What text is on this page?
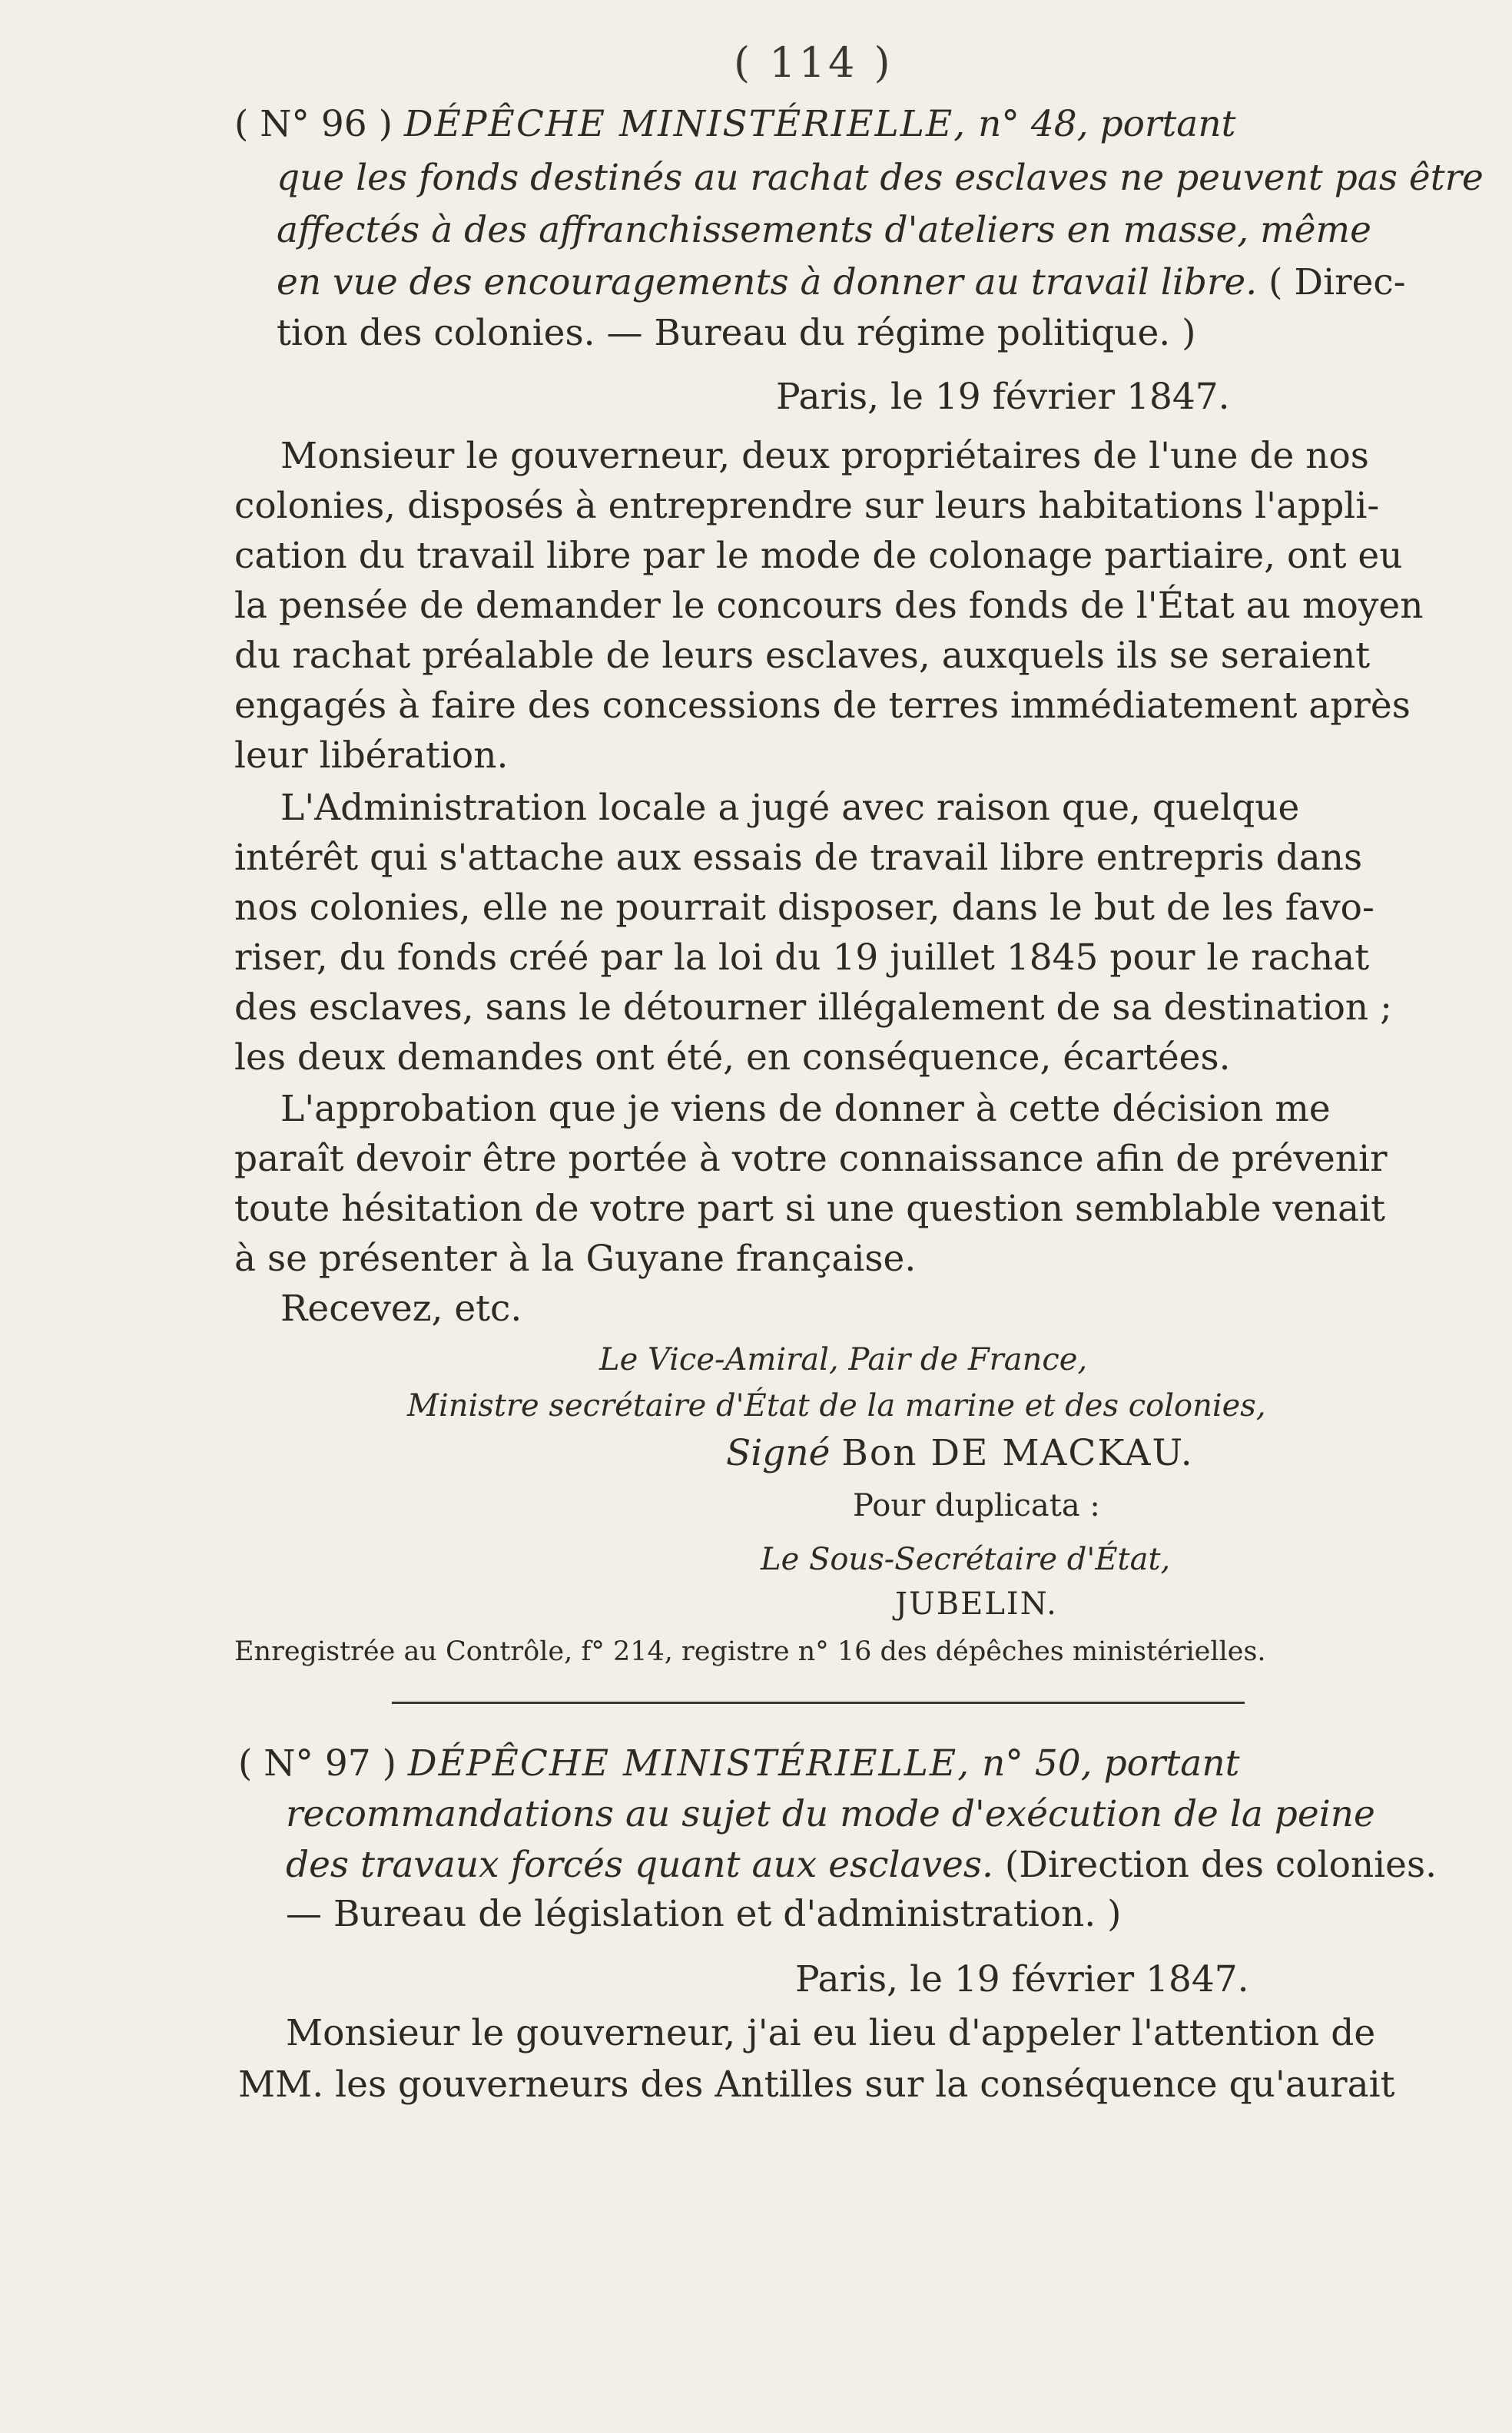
( 114 )
( N° 96 ) DÉPÊCHE MINISTÉRIELLE, n° 48, portant
que les fonds destinés au rachat des esclaves ne peuvent pas être
affectés à des affranchissements d'ateliers en masse, même
en vue des encouragements à donner au travail libre. ( Direc-
tion des colonies. — Bureau du régime politique. )
Paris, le 19 février 1847.
Monsieur le gouverneur, deux propriétaires de l'une de nos
colonies, disposés à entreprendre sur leurs habitations l'appli-
cation du travail libre par le mode de colonage partiaire, ont eu
la pensée de demander le concours des fonds de l'État au moyen
du rachat préalable de leurs esclaves, auxquels ils se seraient
engagés à faire des concessions de terres immédiatement après
leur libération.
L'Administration locale a jugé avec raison que, quelque
intérêt qui s'attache aux essais de travail libre entrepris dans
nos colonies, elle ne pourrait disposer, dans le but de les favo-
riser, du fonds créé par la loi du 19 juillet 1845 pour le rachat
des esclaves, sans le détourner illégalement de sa destination ;
les deux demandes ont été, en conséquence, écartées.
L'approbation que je viens de donner à cette décision me
paraît devoir être portée à votre connaissance afin de prévenir
toute hésitation de votre part si une question semblable venait
à se présenter à la Guyane française.
Recevez, etc.
Le Vice-Amiral, Pair de France,
Ministre secrétaire d'État de la marine et des colonies,
Signé Bon DE MACKAU.
Pour duplicata :
Le Sous-Secrétaire d'État,
JUBELIN.
Enregistrée au Contrôle, f° 214, registre n° 16 des dépêches ministérielles.
( N° 97 ) DÉPÊCHE MINISTÉRIELLE, n° 50, portant
recommandations au sujet du mode d'exécution de la peine
des travaux forcés quant aux esclaves. (Direction des colonies.
— Bureau de législation et d'administration. )
Paris, le 19 février 1847.
Monsieur le gouverneur, j'ai eu lieu d'appeler l'attention de
MM. les gouverneurs des Antilles sur la conséquence qu'aurait
